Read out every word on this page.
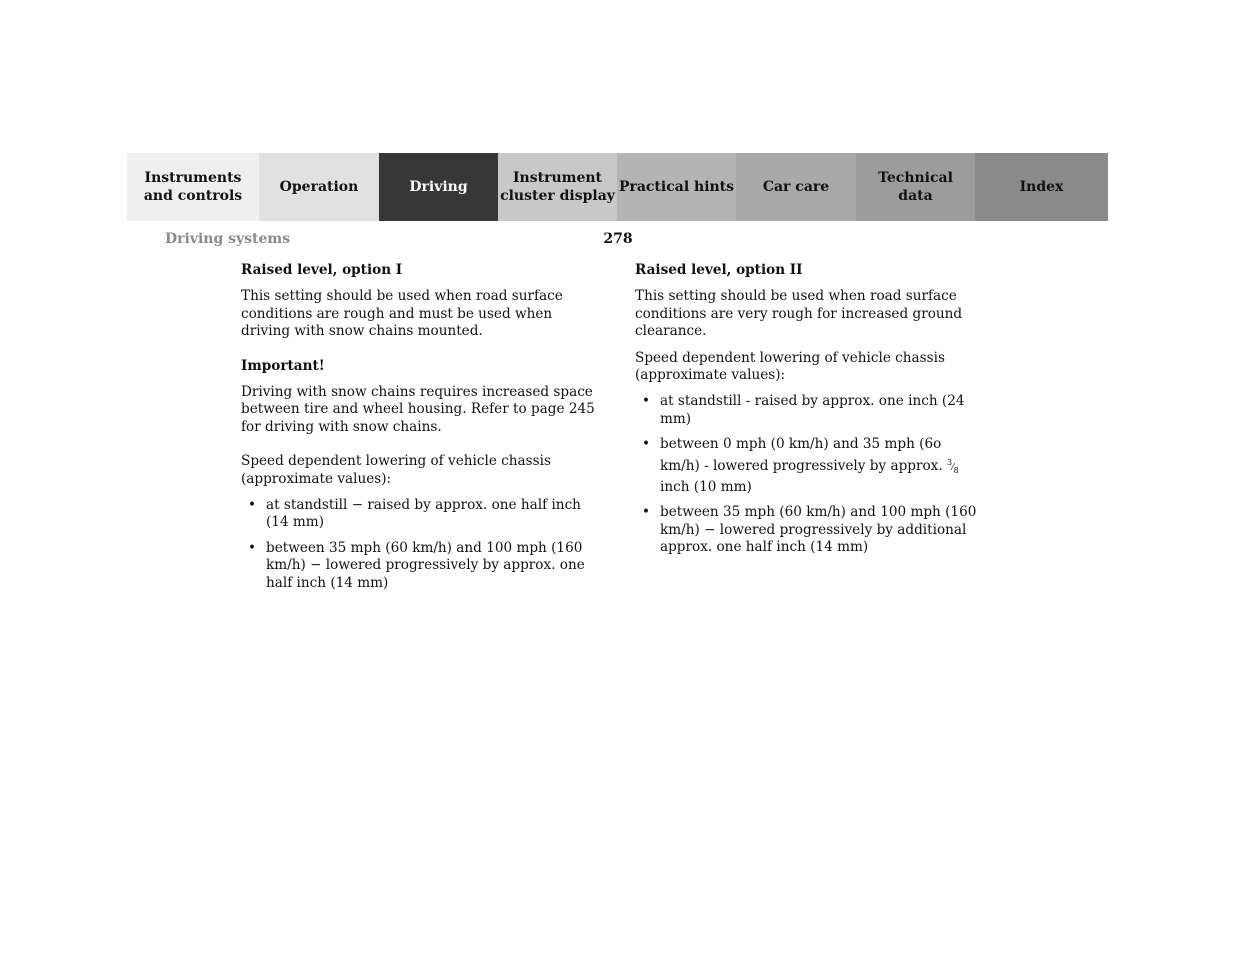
Instruments
and controls
Operation	Driving
Instrument
cluster display
Practical hints	Car care
Technical
data
Index
Driving systems	278
Raised level, option I

This setting should be used when road surface conditions are rough and must be used when driving with snow chains mounted.

Important!

Driving with snow chains requires increased space between tire and wheel housing. Refer to page 245 for driving with snow chains.

Speed dependent lowering of vehicle chassis (approximate values):

• at standstill − raised by approx. one half inch (14 mm)
• between 35 mph (60 km/h) and 100 mph (160 km/h) − lowered progressively by approx. one half inch (14 mm)
Raised level, option II

This setting should be used when road surface conditions are very rough for increased ground clearance.

Speed dependent lowering of vehicle chassis (approximate values):

• at standstill - raised by approx. one inch (24 mm)
• between 0 mph (0 km/h) and 35 mph (6o km/h) - lowered progressively by approx. $^3⁄_8$ inch (10 mm)
• between 35 mph (60 km/h) and 100 mph (160 km/h) − lowered progressively by additional approx. one half inch (14 mm)
